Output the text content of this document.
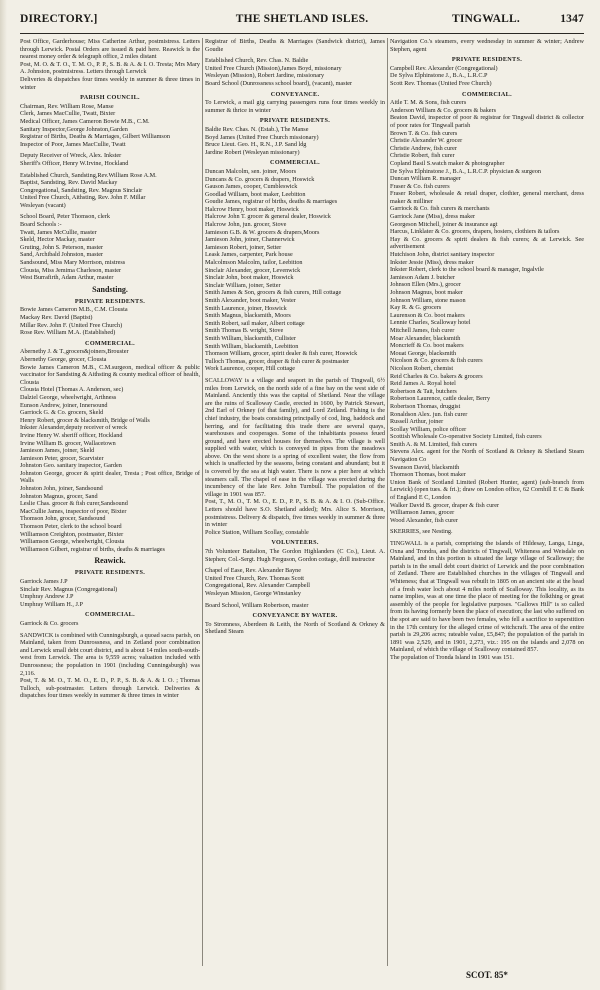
DIRECTORY.]	THE SHETLAND ISLES.	TINGWALL.	1347

Post Office, Garderhouse; Miss Catherine Arthur, postmistress. Letters through Lerwick. Postal Orders are issued & paid here. Reawick is the nearest money order & telegraph office, 2 miles distant

Post, M. O. & T. O., T. M. O., P. P., S. B. & A. & I. O. Tresta; Mrs Mary A. Johnston, postmistress. Letters through Lerwick

Deliveries & dispatches four times weekly in summer & three times in winter

PARISH COUNCIL.

Chairman, Rev. William Rose, Manse

Clerk, James MacCullie, Twatt, Bixter

Medical Officer, James Cameron Bowie M.B., C.M.

Sanitary Inspector,George Johnston,Garden

Registrar of Births, Deaths & Marriages, Gilbert Williamson

Inspector of Poor, James MacCullie, Twatt

Deputy Receiver of Wreck, Alex. Inkster

Sheriff's Officer, Henry W.Irvine, Hockland

Established Church, Sandsting,Rev.William Rose A.M.

Baptist, Sandsting, Rev. David Mackay

Congregational, Sandsting, Rev. Magnus Sinclair

United Free Church, Aithsting, Rev. John F. Millar

Wesleyan (vacant)

School Board, Peter Thomson, clerk

Board Schools :-

Twatt, James McCullie, master

Skeld, Hector Mackay, master

Gruting, John S. Peterson, master

Sand, Archibald Johnston, master

Sandsound, Miss Mary Morrison, mistress

Clousta, Miss Jemima Charleson, master

West Burrafirth, Adam Arthur, master

Sandsting.

PRIVATE RESIDENTS.

Bowie James Cameron M.B., C.M. Clousta

Mackay Rev. David (Baptist)

Millar Rev. John F. (United Free Church)

Rose Rev. William M.A. (Established)

COMMERCIAL.

Abernethy J. & T.,grocers&joiners,Brouster

Abernethy George, grocer, Clousta

Bowie James Cameron M.B., C.M.surgeon, medical officer & public vaccinator for Sandsting & Aithsting & county medical officer of health, Clousta

Clousta Hotel (Thomas A. Anderson, sec)

Dalziel George, wheelwright, Arthness

Eunson Andrew, joiner, Innersound

Garriock G. & Co. grocers, Skeld

Henry Robert, grocer & blacksmith, Bridge of Walls

Inkster Alexander,deputy receiver of wreck

Irvine Henry W. sheriff officer, Hockland

Irvine William B. grocer, Wallacetown

Jamieson James, joiner, Skeld

Jamieson Peter, grocer, Scarvister

Johnston Geo. sanitary inspector, Garden

Johnston George, grocer & spirit dealer, Tresta ; Post office, Bridge of Walls

Johnston John, joiner, Sandsound

Johnston Magnus, grocer, Sand

Leslie Chas. grocer & fish curer,Sandsound

MacCullie James, inspector of poor, Bixter

Thomson John, grocer, Sandsound

Thomson Peter, clerk to the school board

Williamson Creighton, postmaster, Bixter

Williamson George, wheelwright, Clousta

Williamson Gilbert, registrar of births, deaths & marriages

Reawick.

PRIVATE RESIDENTS.

Garriock James J.P

Sinclair Rev. Magnus (Congregational)

Umphray Andrew J.P

Umphray William H., J.P

COMMERCIAL.

Garriock & Co. grocers

SANDWICK is combined with Cunningsburgh, a quoad sacra parish, on Mainland, taken from Dunrossness, and in Zetland poor combination and Lerwick small debt court district, and is about 14 miles south-south-west from Lerwick. The area is 9,559 acres; valuation included with Dunrossness; the population in 1901 (including Cunningsburgh) was 2,116.

Post, T. & M. O., T. M. O., E. D., P. P., S. B. & A. & I. O. ; Thomas Tulloch, sub-postmaster. Letters through Lerwick. Deliveries & dispatches four times weekly in summer & three times in winter

Registrar of Births, Deaths & Marriages (Sandwick district), James Goudie

Established Church, Rev. Chas. N. Baldie

United Free Church (Mission),James Boyd, missionary

Wesleyan (Mission), Robert Jardine, missionary

Board School (Dunrossness school board), (vacant), master

CONVEYANCE.

To Lerwick, a mail gig carrying passengers runs four times weekly in summer & thrice in winter

PRIVATE RESIDENTS.

Baldie Rev. Chas. N. (Estab.), The Manse

Boyd James (United Free Church missionary)

Bruce Lieut. Geo. H., R.N., J.P. Sand ldg

Jardine Robert (Wesleyan missionary)

COMMERCIAL.

Duncan Malcolm, sen. joiner, Moors

Duncans & Co. grocers & drapers, Hoswick

Gauson James, cooper, Cumbleswick

Goodlad William, boot maker, Leebitton

Goudie James, registrar of births, deaths & marriages

Halcrow Henry, boot maker, Hoswick

Halcrow John T. grocer & general dealer, Hoswick

Halcrow John, jun. grocer, Stove

Jamieson G.B. & W. grocers & drapers,Moors

Jamieson John, joiner, Channerwick

Jamieson Robert, joiner, Setter

Leask James, carpenter, Park house

Malcolmson Malcolm, tailor, Leebitton

Sinclair Alexander, grocer, Levenwick

Sinclair John, boot maker, Hoswick

Sinclair William, joiner, Setter

Smith James & Son, grocers & fish curers, Hill cottage

Smith Alexander, boot maker, Vester

Smith Laurence, joiner, Hoswick

Smith Magnus, blacksmith, Moors

Smith Robert, sail maker, Albert cottage

Smith Thomas B. wright, Stove

Smith William, blacksmith, Cullister

Smith William, blacksmith, Leebitton

Thomson William, grocer, spirit dealer & fish curer, Hoswick

Tulloch Thomas, grocer, draper & fish curer & postmaster

Work Laurence, cooper, Hill cottage

SCALLOWAY is a village and seaport in the parish of Tingwall, 6½ miles from Lerwick, on the north side of a fine bay on the west side of Mainland. Anciently this was the capital of Shetland. Near the village are the ruins of Scalloway Castle, erected in 1600, by Patrick Stewart, 2nd Earl of Orkney (of that family), and Lord Zetland. Fishing is the chief industry, the boats consisting principally of cod, ling, haddock and herring, and for facilitating this trade there are several quays, warehouses and cooperages. Some of the inhabitants possess feued ground, and have erected houses for themselves. The village is well supplied with water, which is conveyed in pipes from the meadows above. On the west shore is a spring of excellent water, the flow from which is unaffected by the seasons, being constant and abundant; but it is covered by the sea at high water. There is now a pier here at which steamers call. The chapel of ease in the village was erected during the incumbency of the late Rev. John Turnbull. The population of the village in 1901 was 857.

Post, T., M. O., T. M. O., E. D., P. P., S. B. & A. & I. O. (Sub-Office. Letters should have S.O. Shetland added); Mrs. Alice S. Morrison, postmistress. Delivery & dispatch, five times weekly in summer & three in winter

Police Station, William Scollay, constable

VOLUNTEERS.

7th Volunteer Battalion, The Gordon Highlanders (C Co.), Lieut. A. Stephen; Col.-Sergt. Hugh Ferguson, Gordon cottage, drill instructor

Chapel of Ease, Rev. Alexander Bayne

United Free Church, Rev. Thomas Scott

Congregational, Rev. Alexander Campbell

Wesleyan Mission, George Winstanley

Board School, William Robertson, master

CONVEYANCE BY WATER.

To Stromness, Aberdeen & Leith, the North of Scotland & Orkney & Shetland Steam

Navigation Co.'s steamers, every wednesday in summer & winter; Andrew Stephen, agent

PRIVATE RESIDENTS.

Campbell Rev. Alexander (Congregational)

De Sylva Elphinstone J., B.A., L.R.C.P

Scott Rev. Thomas (United Free Church)

COMMERCIAL.

Aitle T. M. & Sons, fish curers

Anderson William & Co. grocers & bakers

Beaton David, inspector of poor & registrar for Tingwall district & collector of poor rates for Tingwall parish

Brown T. & Co. fish curers

Christie Alexander W. grocer

Christie Andrew, fish curer

Christie Robert, fish curer

Copland Basil S.watch maker & photographer

De Sylva Elphinstone J., B.A., L.R.C.P. physician & surgeon

Duncan William R. manager

Fraser & Co. fish curers

Fraser Robert, wholesale & retail draper, clothier, general merchant, dress maker & milliner

Garriock & Co. fish curers & merchants

Garriock Jane (Miss), dress maker

Georgeson Mitchell, joiner & insurance agt

Harcus, Linklater & Co. grocers, drapers, hosiers, clothiers & tailors

Hay & Co. grocers & spirit dealers & fish curers; & at Lerwick. See advertisement

Hutchison John, district sanitary inspector

Inkster Jessie (Miss), dress maker

Inkster Robert, clerk to the school board & manager, Ingalvile

Jamieson Adam J. butcher

Johnson Ellen (Mrs.), grocer

Johnson Magnus, boot maker

Johnson William, stone mason

Kay R. & G. grocers

Laurenson & Co. boot makers

Lennie Charles, Scalloway hotel

Mitchell James, fish curer

Moar Alexander, blacksmith

Moncrieff & Co. boot makers

Mouat George, blacksmith

Nicolson & Co. grocers & fish curers

Nicolson Robert, chemist

Reid Charles & Co. bakers & grocers

Reid James A. Royal hotel

Robertson & Tait, butchers

Robertson Laurence, cattle dealer, Berry

Robertson Thomas, druggist

Ronaldson Alex. jun. fish curer

Russell Arthur, joiner

Scollay William, police officer

Scottish Wholesale Co-operative Society Limited, fish curers

Smith A. & M. Limited, fish curers

Stevens Alex. agent for the North of Scotland & Orkney & Shetland Steam Navigation Co

Swanson David, blacksmith

Thomson Thomas, boot maker

Union Bank of Scotland Limited (Robert Hunter, agent) (sub-branch from Lerwick) (open tues. & fri.); draw on London office, 62 Cornhill E C & Bank of England E C, London

Walker David B. grocer, draper & fish curer

Williamson James, grocer

Wood Alexander, fish curer

SKERRIES, see Nesting.

TINGWALL is a parish, comprising the islands of Hildesay, Langa, Linga, Oxna and Trondra, and the districts of Tingwall, Whiteness and Weisdale on Mainland, and in this portion is situated the large village of Scalloway; the parish is in the small debt court district of Lerwick and the poor combination of Zetland. There are Established churches in the villages of Tingwall and Whiteness; that at Tingwall was rebuilt in 1805 on an ancient site at the head of a fresh water loch about 4 miles north of Scalloway. This locality, as its name implies, was at one time the place of meeting for the folkthing or great assembly of the people for legislative purposes. "Gallows Hill" is so called from its having formerly been the place of execution; the last who suffered on the spot are said to have been two females, who fell a sacrifice to superstition in the 17th century for the alleged crime of witchcraft. The area of the entire parish is 29,206 acres; rateable value, £5,847; the population of the parish in 1891 was 2,529, and in 1901, 2,273, viz.: 195 on the islands and 2,078 on Mainland, of which the village of Scalloway contained 857.

The population of Tronda Island in 1901 was 151.

SCOT. 85*
